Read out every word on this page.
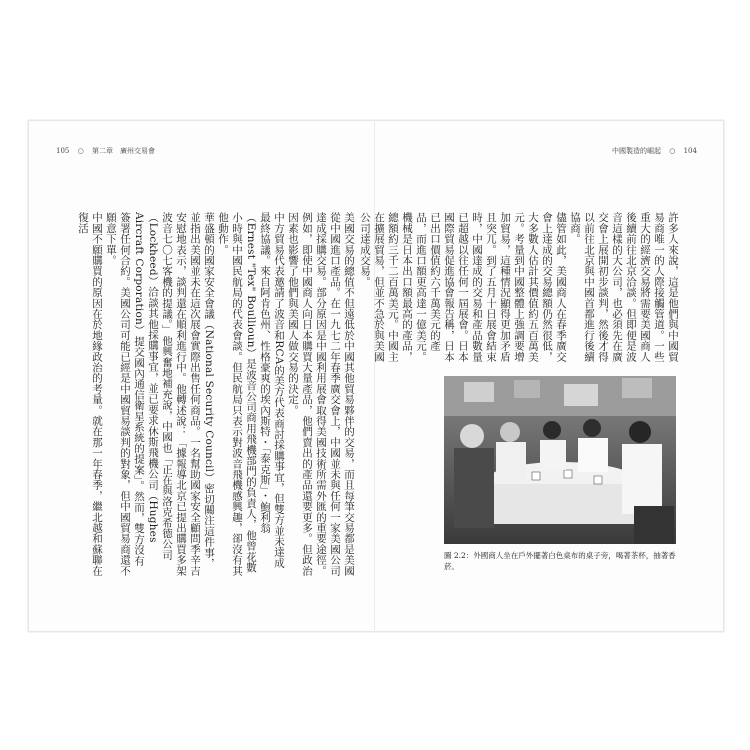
105 ○ 第二章　廣州交易會	中國製造的崛起 ○ 104

美國交易的總值不但遠低於中國其他貿易夥伴的交易，而且每筆交易都是美國從中國進口產品。在一九七二年春季廣交會上，中國並未與任何一家美國公司達成採購交易。部分原因是中國利用展會取得美國技術所需外匯的重要途徑。例如，即使中國商人向日本購買大量產品，他們賣出的產品還要更多。但政治因素也影響了他們與美國人做交易的決定。

中方貿易代表邀請了波音和RCA的美方代表商討採購事宜，但雙方並未達成最終協議。來自阿肯色州、性格豪爽的埃內斯特・「泰克斯」・鮑利翁（Ernest "Tex" Boullioun）是波音公司商用飛機部門的負責人，他曾花數小時與中國民航局的代表會談。但民航局只表示對波音飛機感興趣，卻沒有其他動作。

華盛頓的國家安全會議（National Security Council）密切關注這件事，並指出美國並未在這次展會實際出售任何商品。一名幫助國家安全顧問季辛吉安慰地表示，談判還在順利進行中。他轉述說：「據報導北京已提出購買多架波音七〇七客機的提議。」他興奮地補充說，中國也「正在與洛克希德公司（Lockheed）洽談其他採購事宜，並已要求休斯飛機公司（Hughes Aircraft Corporation）提交國內通信衛星系統的提案」。然而，雙方沒有簽署任何合約。美國公司可能已經是中國貿易談判的對象，但中國貿易商還不願意下單。

中國不願購買的原因在於地緣政治的考量。就在那一年春季，繼北越和蘇聯在復活	許多人來說，這是他們與中國貿易商唯一的人際接觸管道。一些重大的經濟交易將需要美國商人後續前往北京洽談。但即便是波音這樣的大公司，也必須先在廣交會上展開初步談判，然後才得以前往北京與中國首都進行後續協商。

儘管如此，美國商人在春季廣交會上達成的交易總額仍然很低，大多數人估計其價值約五百萬美元。考量到中國整體上強調要增加貿易，這種情況顯得更加矛盾且突兀。到了五月十日展會結束時，中國達成的交易和產品數量已超越以往任何一屆展會。日本國際貿易促進協會報告稱，日本已出口價值約六千萬美元的產品，而進口額更高達一億美元。

機械是日本出口額最高的產品，總額約三千二百萬美元。中國主在擴展貿易，但並不急於與美國公司達成交易。

圖 2.2：外國商人坐在戶外擺著白色桌布的桌子旁，喝著茶杯，抽著香菸。
